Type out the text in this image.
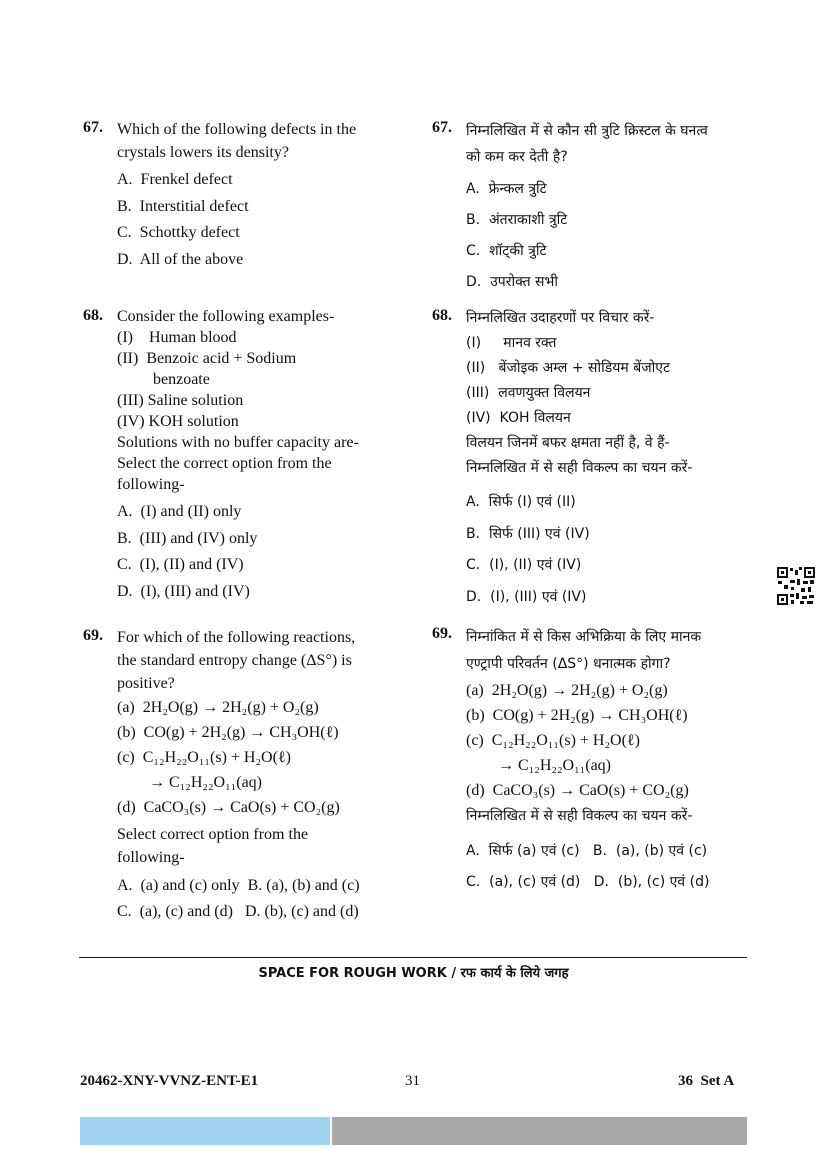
67. Which of the following defects in the
crystals lowers its density?
A.  Frenkel defect
B.  Interstitial defect
C.  Schottky defect
D.  All of the above
68. Consider the following examples-
(I)    Human blood
(II)  Benzoic acid + Sodium
benzoate
(III) Saline solution
(IV) KOH solution
Solutions with no buffer capacity are-
Select the correct option from the
following-
A.  (I) and (II) only
B.  (III) and (IV) only
C.  (I), (II) and (IV)
D.  (I), (III) and (IV)
69. For which of the following reactions,
the standard entropy change (ΔS°) is
positive?
(a)  2H₂O(g) → 2H₂(g) + O₂(g)
(b)  CO(g) + 2H₂(g) → CH₃OH(ℓ)
(c)  C₁₂H₂₂O₁₁(s) + H₂O(ℓ)
→ C₁₂H₂₂O₁₁(aq)
(d)  CaCO₃(s) → CaO(s) + CO₂(g)
Select correct option from the
following-
A.  (a) and (c) only  B. (a), (b) and (c)
C.  (a), (c) and (d)   D. (b), (c) and (d)
67. निम्नलिखित में से कौन सी त्रुटि क्रिस्टल के घनत्व
को कम कर देती है?
A.  फ्रेन्कल त्रुटि
B.  अंतराकाशी त्रुटि
C.  शॉट्की त्रुटि
D.  उपरोक्त सभी
68. निम्नलिखित उदाहरणों पर विचार करें-
(I)     मानव रक्त
(II)   बेंजोइक अम्ल + सोडियम बेंजोएट
(III)  लवणयुक्त विलयन
(IV)  KOH विलयन
विलयन जिनमें बफर क्षमता नहीं है, वे हैं-
निम्नलिखित में से सही विकल्प का चयन करें-
A.  सिर्फ (I) एवं (II)
B.  सिर्फ (III) एवं (IV)
C.  (I), (II) एवं (IV)
D.  (I), (III) एवं (IV)
69. निम्नांकित में से किस अभिक्रिया के लिए मानक
एण्ट्रापी परिवर्तन (ΔS°) धनात्मक होगा?
(a)  2H₂O(g) → 2H₂(g) + O₂(g)
(b)  CO(g) + 2H₂(g) → CH₃OH(ℓ)
(c)  C₁₂H₂₂O₁₁(s) + H₂O(ℓ)
→ C₁₂H₂₂O₁₁(aq)
(d)  CaCO₃(s) → CaO(s) + CO₂(g)
निम्नलिखित में से सही विकल्प का चयन करें-
A.  सिर्फ (a) एवं (c)   B.  (a), (b) एवं (c)
C.  (a), (c) एवं (d)   D.  (b), (c) एवं (d)
SPACE FOR ROUGH WORK / रफ कार्य के लिये जगह
20462-XNY-VVNZ-ENT-E1	31	36  Set A
